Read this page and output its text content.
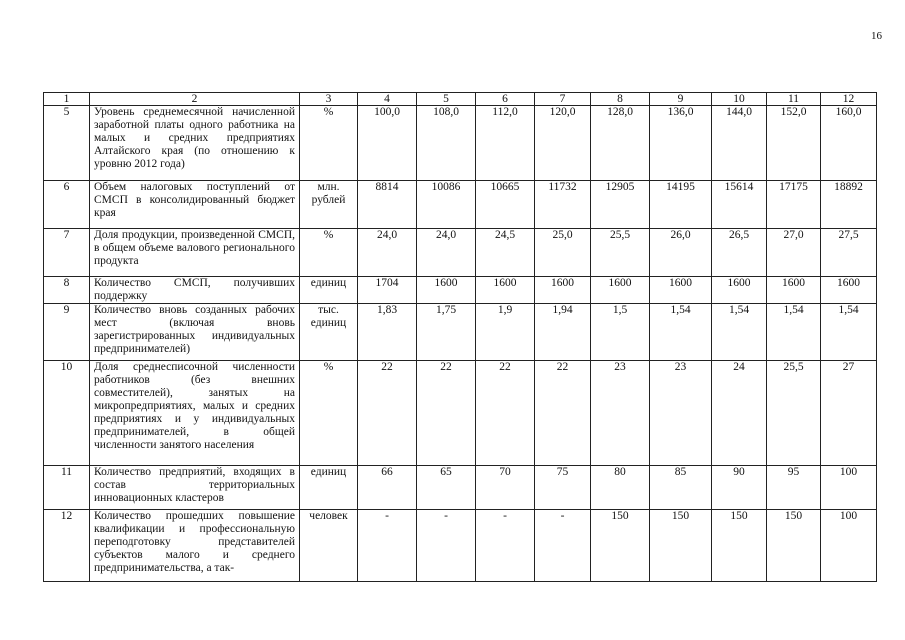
16
1	2	3	4	5	6	7	8	9	10	11	12
5	Уровень среднемесячной начисленной заработной платы одного работника на малых и средних предприятиях Алтайского края (по отношению к уровню 2012 года)	%	100,0	108,0	112,0	120,0	128,0	136,0	144,0	152,0	160,0
6	Объем налоговых поступлений от СМСП в консолидированный бюджет края	млн. рублей	8814	10086	10665	11732	12905	14195	15614	17175	18892
7	Доля продукции, произведенной СМСП, в общем объеме валового регионального продукта	%	24,0	24,0	24,5	25,0	25,5	26,0	26,5	27,0	27,5
8	Количество СМСП, получивших поддержку	единиц	1704	1600	1600	1600	1600	1600	1600	1600	1600
9	Количество вновь созданных рабочих мест (включая вновь зарегистрированных индивидуальных предпринимателей)	тыс. единиц	1,83	1,75	1,9	1,94	1,5	1,54	1,54	1,54	1,54
10	Доля среднесписочной численности работников (без внешних совместителей), занятых на микропредприятиях, малых и средних предприятиях и у индивидуальных предпринимателей, в общей численности занятого населения	%	22	22	22	22	23	23	24	25,5	27
11	Количество предприятий, входящих в состав территориальных инновационных кластеров	единиц	66	65	70	75	80	85	90	95	100
12	Количество прошедших повышение квалификации и профессиональную переподготовку представителей субъектов малого и среднего предпринимательства, а так-	человек	-	-	-	-	150	150	150	150	100
